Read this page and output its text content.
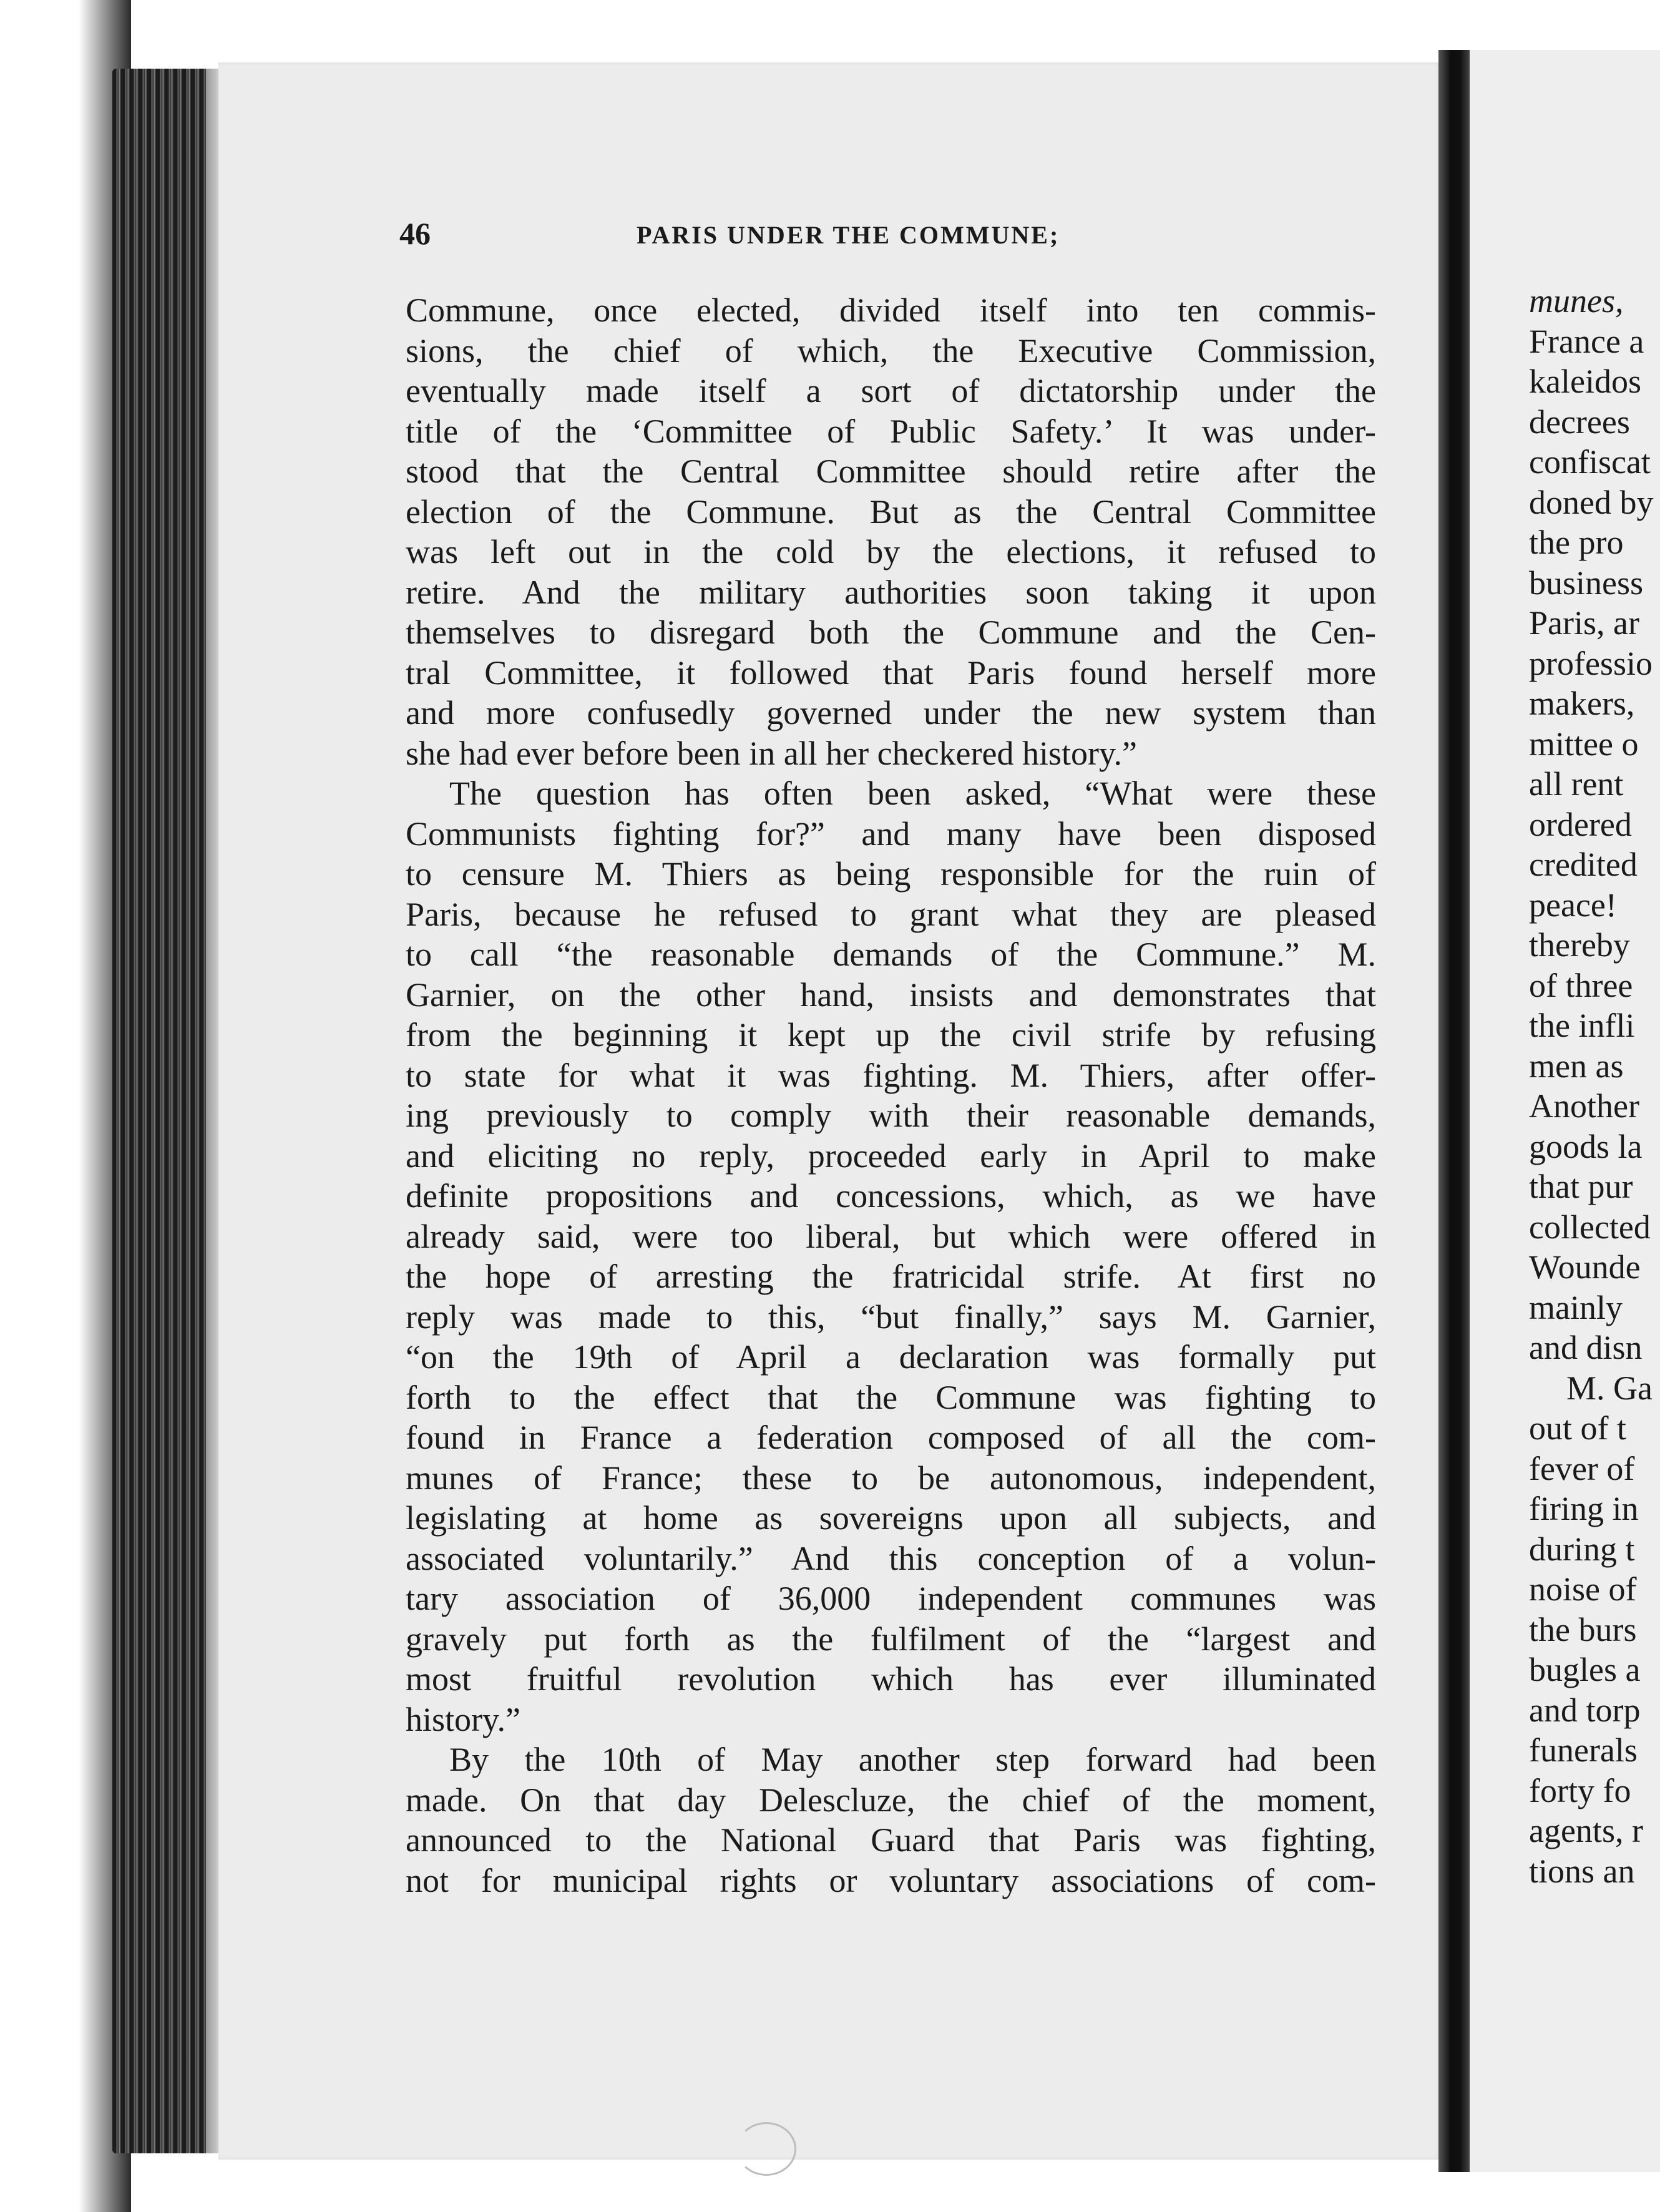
46	PARIS UNDER THE COMMUNE;
Commune, once elected, divided itself into ten commis-
sions, the chief of which, the Executive Commission,
eventually made itself a sort of dictatorship under the
title of the ‘Committee of Public Safety.’ It was under-
stood that the Central Committee should retire after the
election of the Commune. But as the Central Committee
was left out in the cold by the elections, it refused to
retire. And the military authorities soon taking it upon
themselves to disregard both the Commune and the Cen-
tral Committee, it followed that Paris found herself more
and more confusedly governed under the new system than
she had ever before been in all her checkered history.”
The question has often been asked, “What were these
Communists fighting for?” and many have been disposed
to censure M. Thiers as being responsible for the ruin of
Paris, because he refused to grant what they are pleased
to call “the reasonable demands of the Commune.” M.
Garnier, on the other hand, insists and demonstrates that
from the beginning it kept up the civil strife by refusing
to state for what it was fighting. M. Thiers, after offer-
ing previously to comply with their reasonable demands,
and eliciting no reply, proceeded early in April to make
definite propositions and concessions, which, as we have
already said, were too liberal, but which were offered in
the hope of arresting the fratricidal strife. At first no
reply was made to this, “but finally,” says M. Garnier,
“on the 19th of April a declaration was formally put
forth to the effect that the Commune was fighting to
found in France a federation composed of all the com-
munes of France; these to be autonomous, independent,
legislating at home as sovereigns upon all subjects, and
associated voluntarily.” And this conception of a volun-
tary association of 36,000 independent communes was
gravely put forth as the fulfilment of the “largest and
most fruitful revolution which has ever illuminated
history.”
By the 10th of May another step forward had been
made. On that day Delescluze, the chief of the moment,
announced to the National Guard that Paris was fighting,
not for municipal rights or voluntary associations of com-
munes,
France a
kaleidos
decrees
confiscat
doned by
the pro
business
Paris, ar
professio
makers,
mittee o
all rent
ordered
credited
peace!
thereby
of three
the infli
men as
Another
goods la
that pur
collected
Wounde
mainly
and disn
M. Ga
out of t
fever of
firing in
during t
noise of
the burs
bugles a
and torp
funerals
forty fo
agents, r
tions an
